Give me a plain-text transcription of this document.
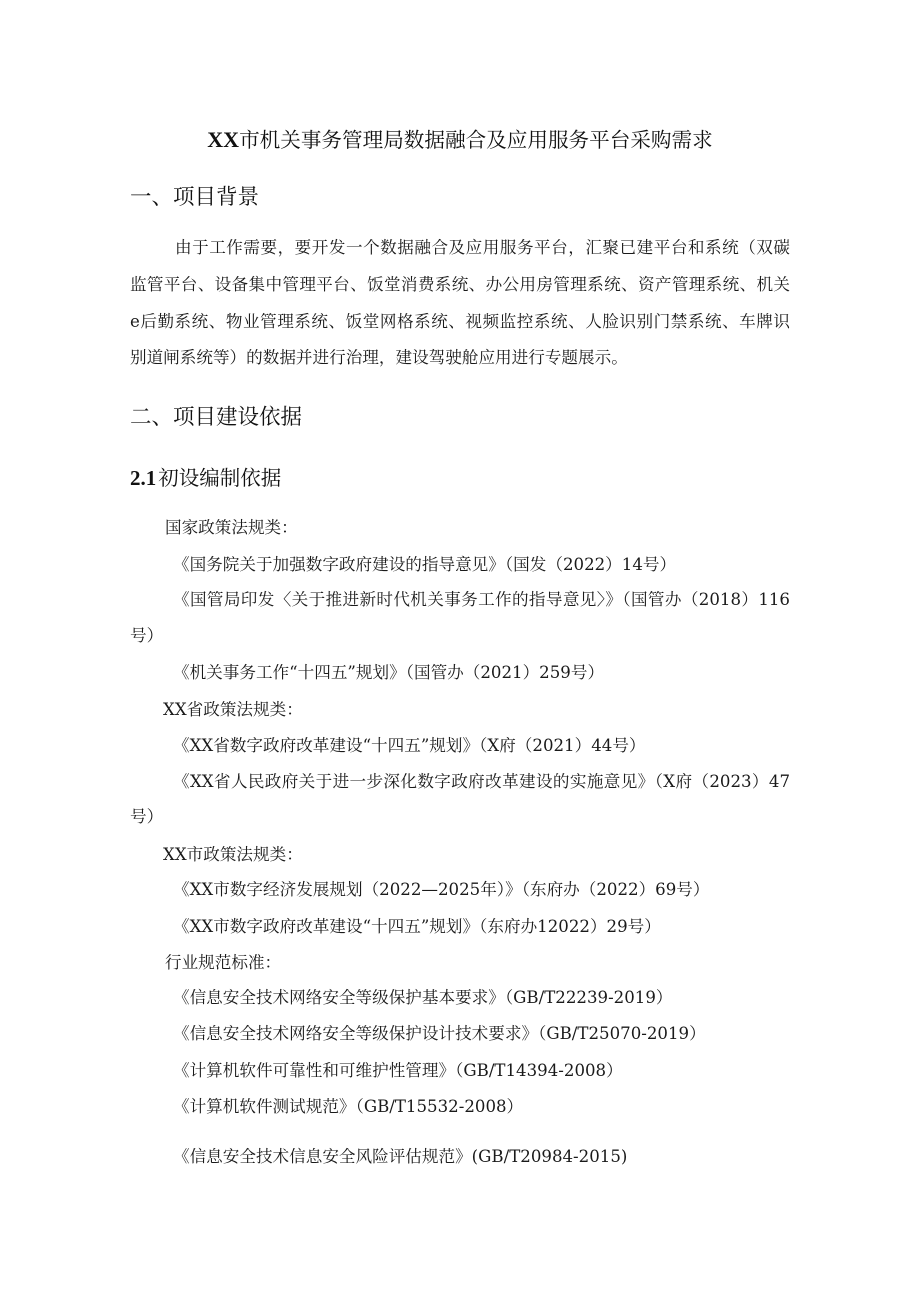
XX市机关事务管理局数据融合及应用服务平台采购需求
一、项目背景
由于工作需要，要开发一个数据融合及应用服务平台，汇聚已建平台和系统（双碳
监管平台、设备集中管理平台、饭堂消费系统、办公用房管理系统、资产管理系统、机关
e后勤系统、物业管理系统、饭堂网格系统、视频监控系统、人脸识别门禁系统、车牌识
别道闸系统等）的数据并进行治理，建设驾驶舱应用进行专题展示。
二、项目建设依据
2.1初设编制依据
国家政策法规类：
《国务院关于加强数字政府建设的指导意见》（国发（2022）14号）
《国管局印发〈关于推进新时代机关事务工作的指导意见〉》（国管办（2018）116
号）
《机关事务工作“十四五”规划》（国管办（2021）259号）
XX省政策法规类：
《XX省数字政府改革建设“十四五”规划》（X府（2021）44号）
《XX省人民政府关于进一步深化数字政府改革建设的实施意见》（X府（2023）47
号）
XX市政策法规类：
《XX市数字经济发展规划（2022—2025年）》（东府办（2022）69号）
《XX市数字政府改革建设“十四五”规划》（东府办12022）29号）
行业规范标准：
《信息安全技术网络安全等级保护基本要求》（GB/T22239-2019）
《信息安全技术网络安全等级保护设计技术要求》（GB/T25070-2019）
《计算机软件可靠性和可维护性管理》（GB/T14394-2008）
《计算机软件测试规范》（GB/T15532-2008）
《信息安全技术信息安全风险评估规范》(GB/T20984-2015)
